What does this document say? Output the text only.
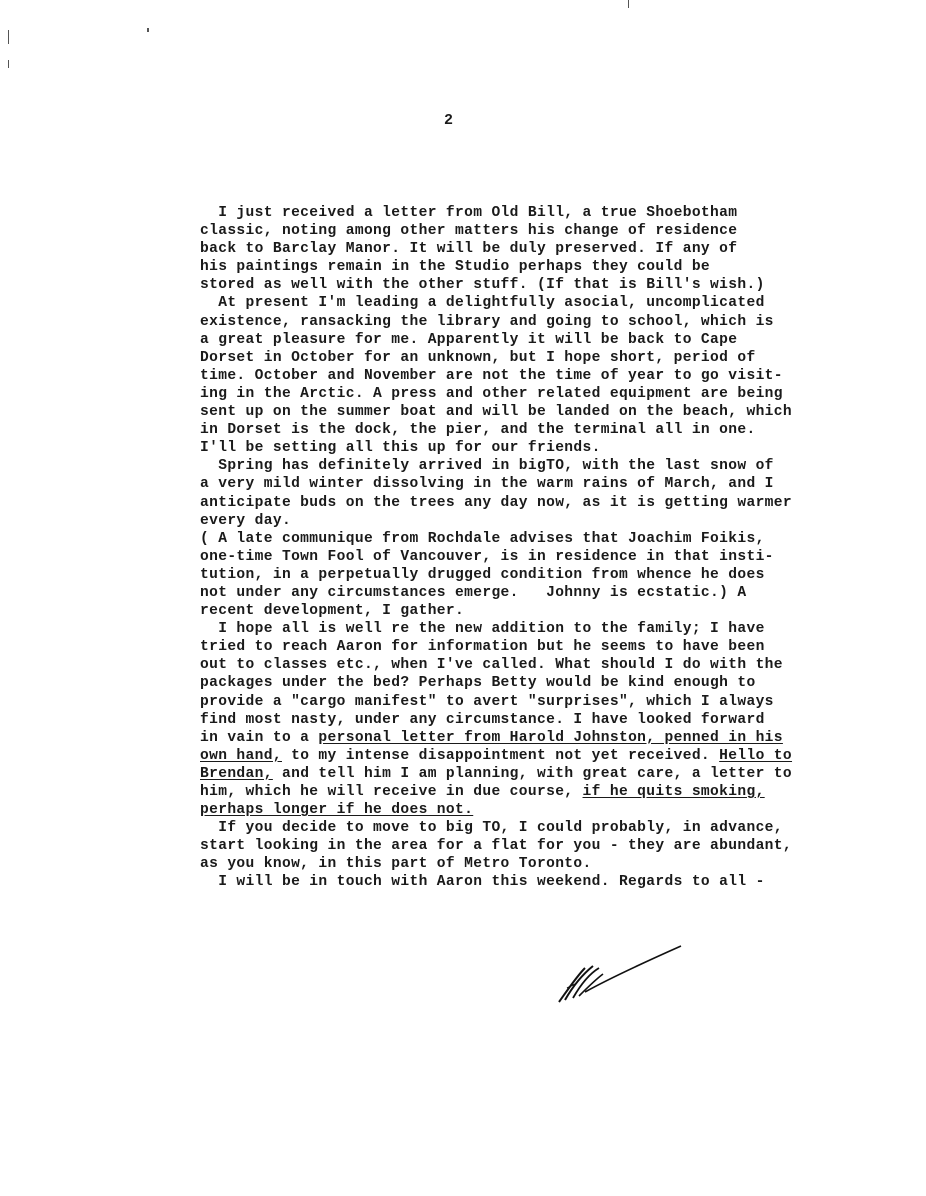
2
I just received a letter from Old Bill, a true Shoebotham
classic, noting among other matters his change of residence
back to Barclay Manor. It will be duly preserved. If any of
his paintings remain in the Studio perhaps they could be
stored as well with the other stuff. (If that is Bill's wish.)
At present I'm leading a delightfully asocial, uncomplicated
existence, ransacking the library and going to school, which is
a great pleasure for me. Apparently it will be back to Cape
Dorset in October for an unknown, but I hope short, period of
time. October and November are not the time of year to go visit-
ing in the Arctic. A press and other related equipment are being
sent up on the summer boat and will be landed on the beach, which
in Dorset is the dock, the pier, and the terminal all in one.
I'll be setting all this up for our friends.
Spring has definitely arrived in bigTO, with the last snow of
a very mild winter dissolving in the warm rains of March, and I
anticipate buds on the trees any day now, as it is getting warmer
every day.
( A late communique from Rochdale advises that Joachim Foikis,
one-time Town Fool of Vancouver, is in residence in that insti-
tution, in a perpetually drugged condition from whence he does
not under any circumstances emerge.   Johnny is ecstatic.) A
recent development, I gather.
I hope all is well re the new addition to the family; I have
tried to reach Aaron for information but he seems to have been
out to classes etc., when I've called. What should I do with the
packages under the bed? Perhaps Betty would be kind enough to
provide a "cargo manifest" to avert "surprises", which I always
find most nasty, under any circumstance. I have looked forward
in vain to a personal letter from Harold Johnston, penned in his
own hand, to my intense disappointment not yet received. Hello to
Brendan, and tell him I am planning, with great care, a letter to
him, which he will receive in due course, if he quits smoking,
perhaps longer if he does not.
If you decide to move to big TO, I could probably, in advance,
start looking in the area for a flat for you - they are abundant,
as you know, in this part of Metro Toronto.
I will be in touch with Aaron this weekend. Regards to all -
